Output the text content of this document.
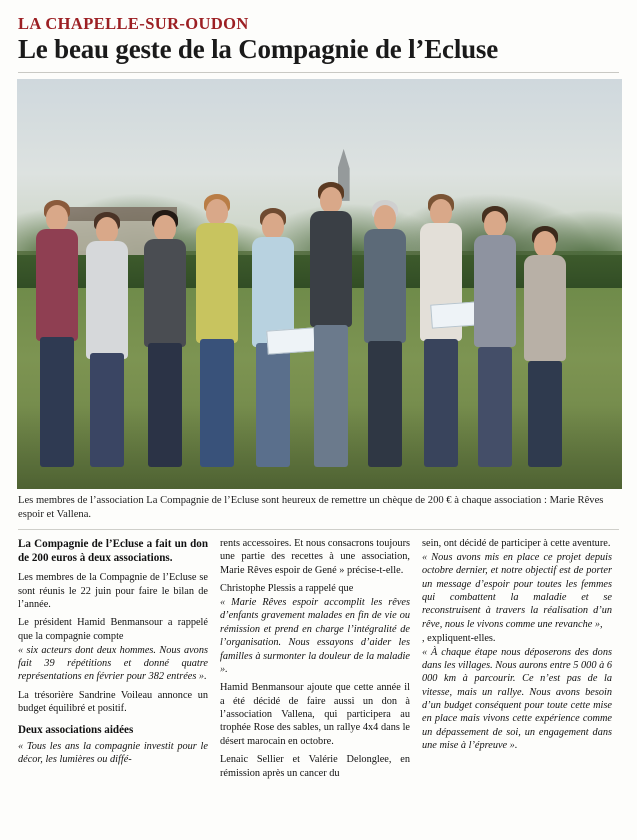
LA CHAPELLE-SUR-OUDON
Le beau geste de la Compagnie de l’Ecluse
Les membres de l’association La Compagnie de l’Ecluse sont heureux de remettre un chèque de 200 € à chaque association : Marie Rêves espoir et Vallena.

La Compagnie de l’Ecluse a fait un don de 200 euros à deux associations.

Les membres de la Compagnie de l’Ecluse se sont réunis le 22 juin pour faire le bilan de l’année.

Le président Hamid Benmansour a rappelé que la compagnie compte

« six acteurs dont deux hommes. Nous avons fait 39 répétitions et donné quatre représentations en février pour 382 entrées ».

La trésorière Sandrine Voileau annonce un budget équilibré et positif.

Deux associations aidées

« Tous les ans la compagnie investit pour le décor, les lumières ou diffé-

rents accessoires. Et nous consacrons toujours une partie des recettes à une association, Marie Rêves espoir de Gené » précise-t-elle.

Christophe Plessis a rappelé que

« Marie Rêves espoir accomplit les rêves d’enfants gravement malades en fin de vie ou rémission et prend en charge l’intégralité de l’organisation. Nous essayons d’aider les familles à surmonter la douleur de la maladie ».

Hamid Benmansour ajoute que cette année il a été décidé de faire aussi un don à l’association Vallena, qui participera au trophée Rose des sables, un rallye 4x4 dans le désert marocain en octobre.

Lenaic Sellier et Valérie Delonglee, en rémission après un cancer du

sein, ont décidé de participer à cette aventure.

« Nous avons mis en place ce projet depuis octobre dernier, et notre objectif est de porter un message d’espoir pour toutes les femmes qui combattent la maladie et se reconstruisent à travers la réalisation d’un rêve, nous le vivons comme une revanche »,

, expliquent-elles.

« À chaque étape nous déposerons des dons dans les villages. Nous aurons entre 5 000 à 6 000 km à parcourir. Ce n’est pas de la vitesse, mais un rallye. Nous avons besoin d’un budget conséquent pour toute cette mise en place mais vivons cette expérience comme un dépassement de soi, un engagement dans une mise à l’épreuve ».
